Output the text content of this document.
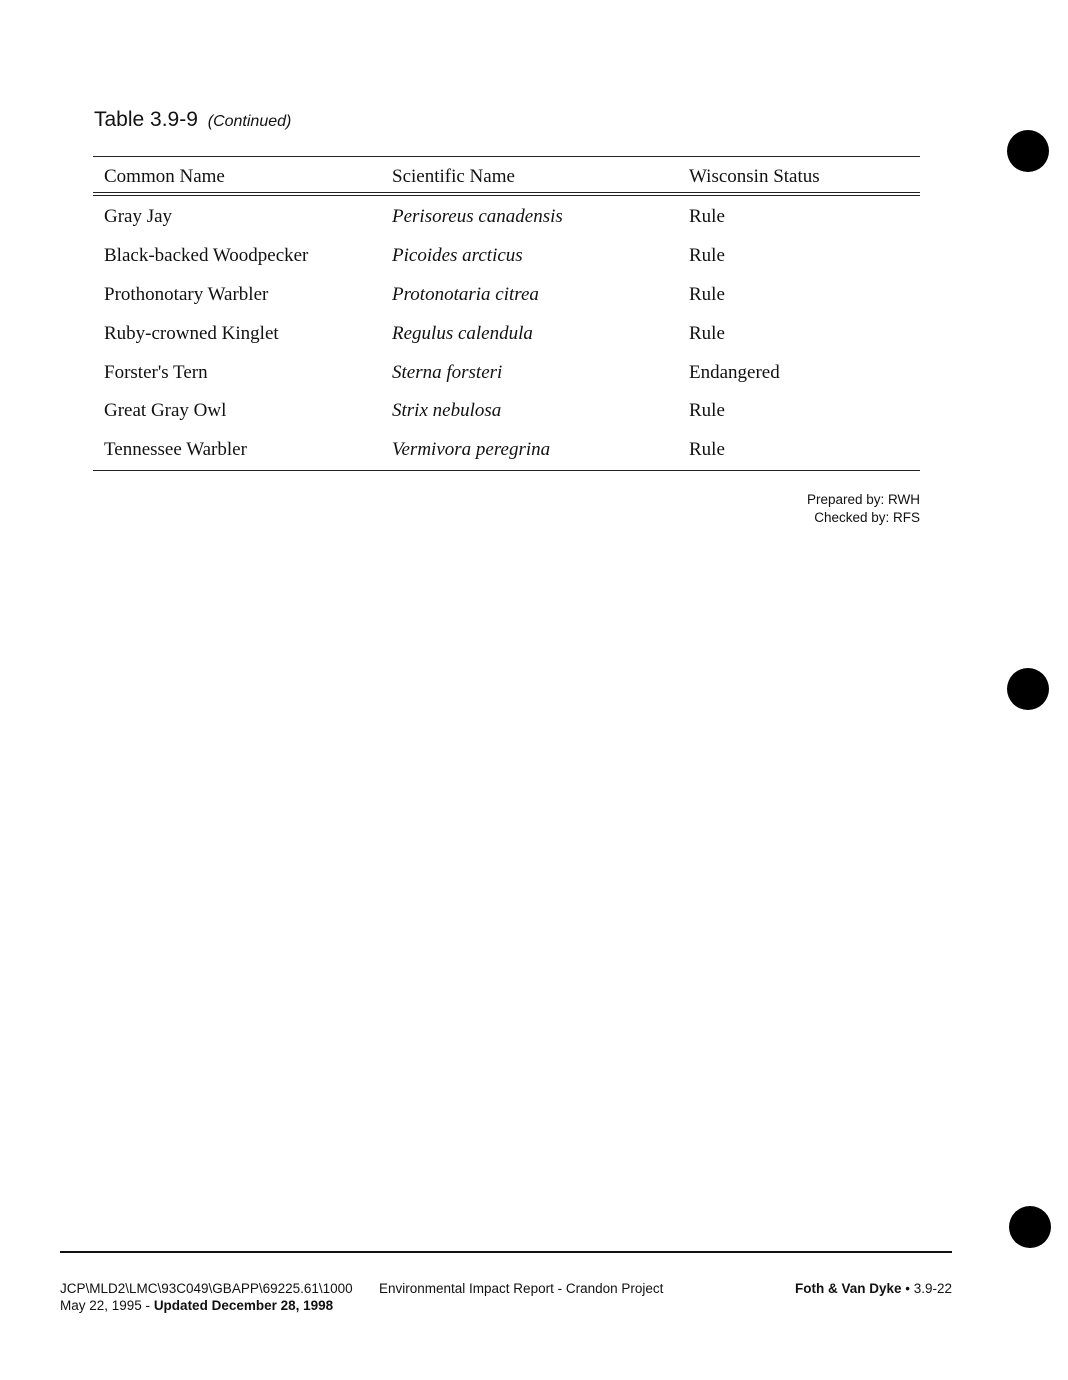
Table 3.9-9 (Continued)
Common Name	Scientific Name	Wisconsin Status
Gray Jay	Perisoreus canadensis	Rule
Black-backed Woodpecker	Picoides arcticus	Rule
Prothonotary Warbler	Protonotaria citrea	Rule
Ruby-crowned Kinglet	Regulus calendula	Rule
Forster's Tern	Sterna forsteri	Endangered
Great Gray Owl	Strix nebulosa	Rule
Tennessee Warbler	Vermivora peregrina	Rule
Prepared by: RWH
Checked by: RFS
JCP\MLD2\LMC\93C049\GBAPP\69225.61\1000
May 22, 1995 - Updated December 28, 1998
Environmental Impact Report - Crandon Project	Foth & Van Dyke • 3.9-22
